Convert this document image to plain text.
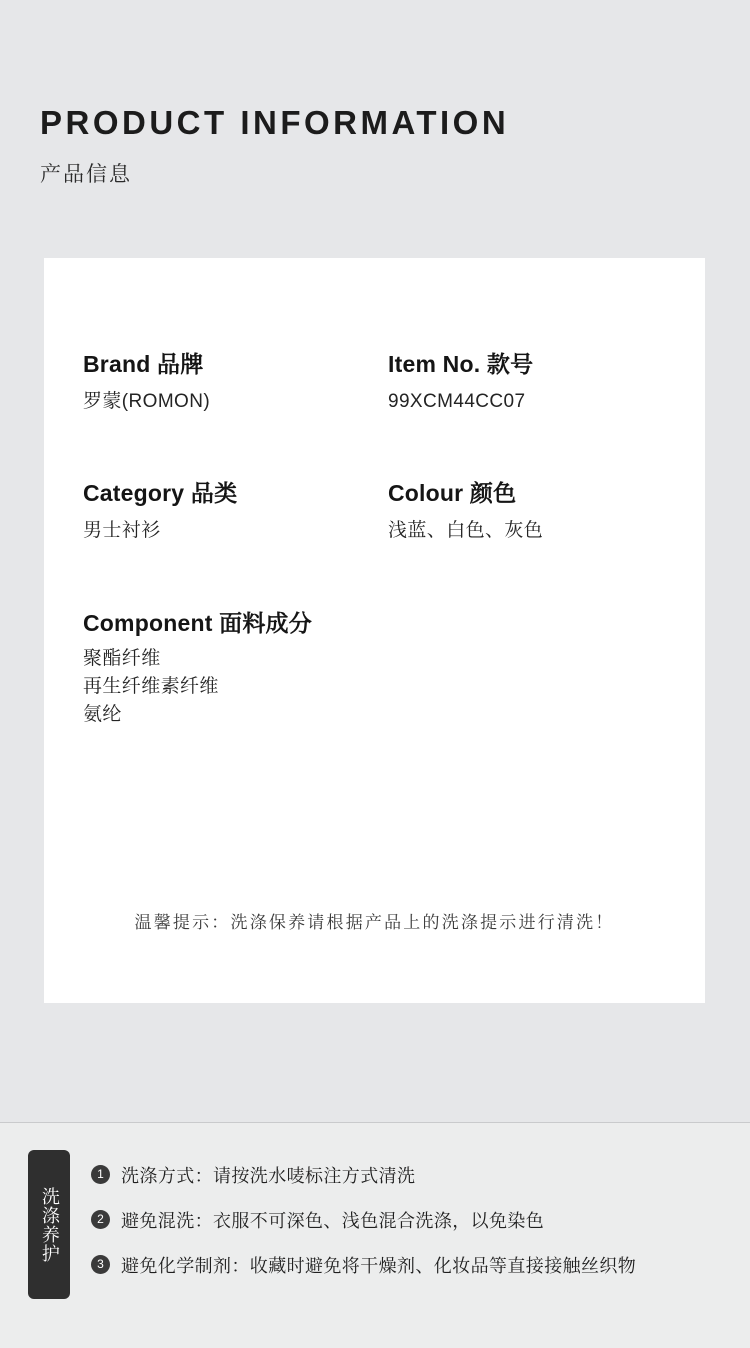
PRODUCT INFORMATION
产品信息
Brand 品牌
罗蒙(ROMON)
Item No. 款号
99XCM44CC07
Category 品类
男士衬衫
Colour 颜色
浅蓝、白色、灰色
Component 面料成分
聚酯纤维
再生纤维素纤维
氨纶
温馨提示：洗涤保养请根据产品上的洗涤提示进行清洗！
洗涤养护
1 洗涤方式：请按洗水唛标注方式清洗
2 避免混洗：衣服不可深色、浅色混合洗涤，以免染色
3 避免化学制剂：收藏时避免将干燥剂、化妆品等直接接触丝织物
